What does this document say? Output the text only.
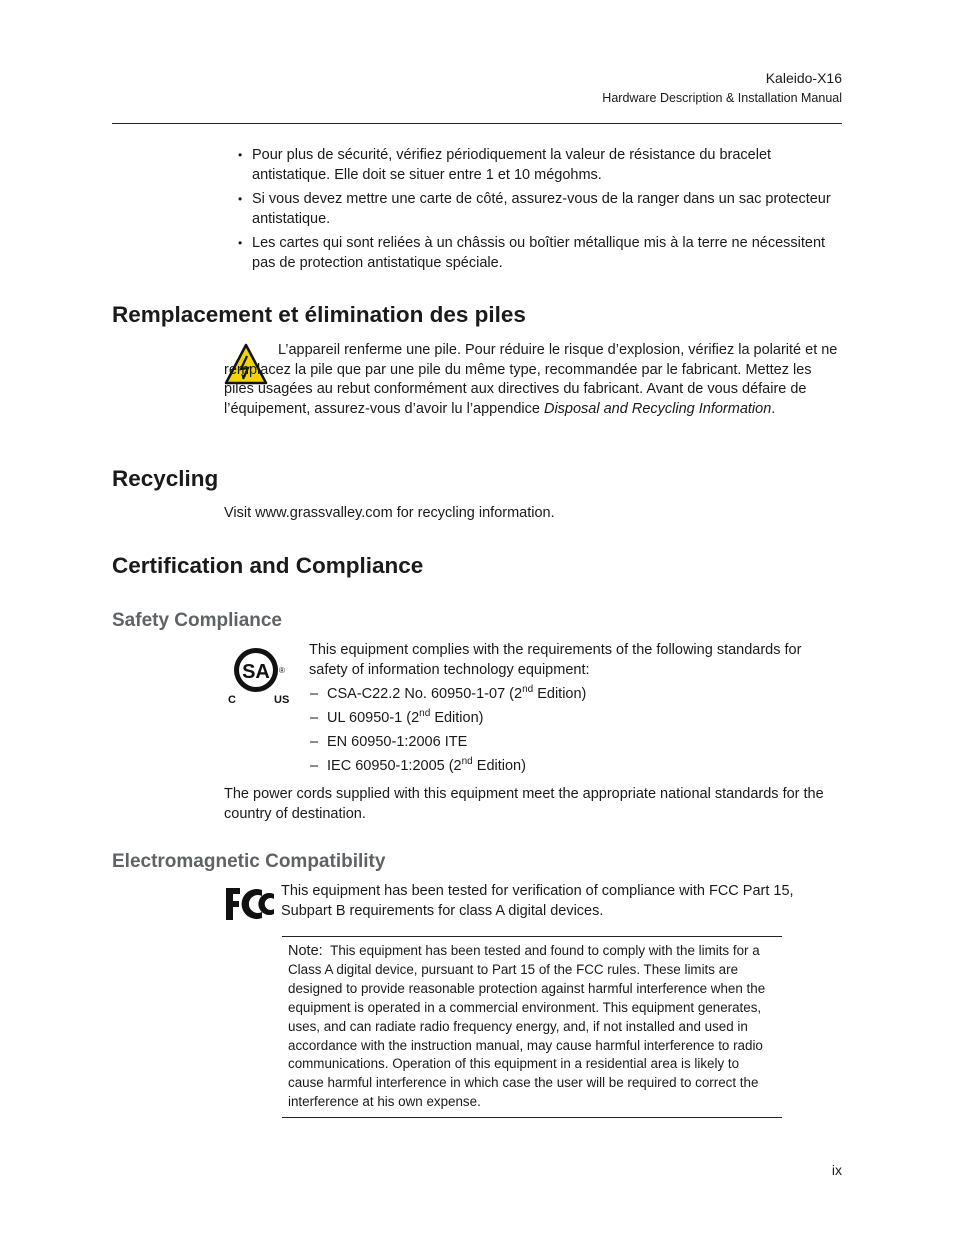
Kaleido-X16
Hardware Description & Installation Manual
• Pour plus de sécurité, vérifiez périodiquement la valeur de résistance du bracelet antistatique. Elle doit se situer entre 1 et 10 mégohms.
• Si vous devez mettre une carte de côté, assurez-vous de la ranger dans un sac protecteur antistatique.
• Les cartes qui sont reliées à un châssis ou boîtier métallique mis à la terre ne nécessitent pas de protection antistatique spéciale.
Remplacement et élimination des piles

L’appareil renferme une pile. Pour réduire le risque d’explosion, vérifiez la polarité et ne remplacez la pile que par une pile du même type, recommandée par le fabricant. Mettez les piles usagées au rebut conformément aux directives du fabricant. Avant de vous défaire de l’équipement, assurez-vous d’avoir lu l’appendice Disposal and Recycling Information.

Recycling

Visit www.grassvalley.com for recycling information.

Certification and Compliance
Safety Compliance
SA ®
C	US

This equipment complies with the requirements of the following standards for safety of information technology equipment:

– CSA-C22.2 No. 60950-1-07 (2nd Edition)
– UL 60950-1 (2nd Edition)
– EN 60950-1:2006 ITE
– IEC 60950-1:2005 (2nd Edition)

The power cords supplied with this equipment meet the appropriate national standards for the country of destination.

Electromagnetic Compatibility

This equipment has been tested for verification of compliance with FCC Part 15, Subpart B requirements for class A digital devices.

Note: This equipment has been tested and found to comply with the limits for a Class A digital device, pursuant to Part 15 of the FCC rules. These limits are designed to provide reasonable protection against harmful interference when the equipment is operated in a commercial environment. This equipment generates, uses, and can radiate radio frequency energy, and, if not installed and used in accordance with the instruction manual, may cause harmful interference to radio communications. Operation of this equipment in a residential area is likely to cause harmful interference in which case the user will be required to correct the interference at his own expense.
ix
